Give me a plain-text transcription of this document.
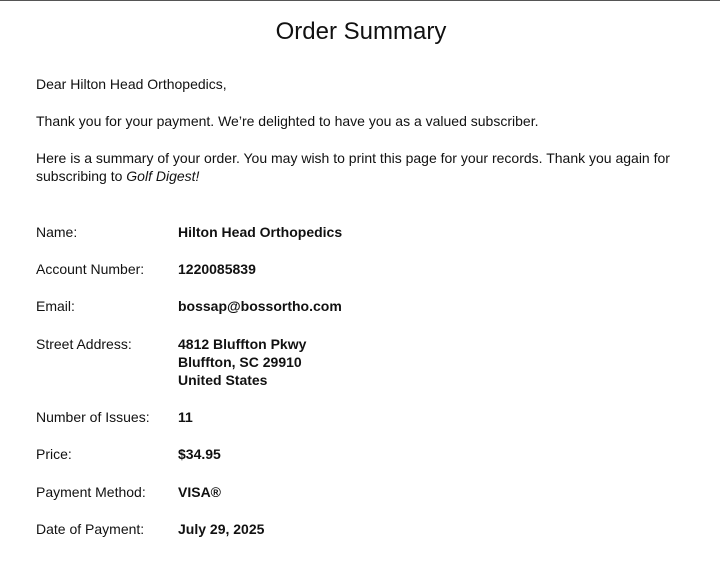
Order Summary

Dear Hilton Head Orthopedics,

Thank you for your payment. We’re delighted to have you as a valued subscriber.

Here is a summary of your order. You may wish to print this page for your records. Thank you again for subscribing to Golf Digest!

Name:	Hilton Head Orthopedics
Account Number:	1220085839
Email:	bossap@bossortho.com
Street Address:	4812 Bluffton Pkwy
Bluffton, SC 29910
United States
Number of Issues:	11
Price:	$34.95
Payment Method:	VISA®
Date of Payment:	July 29, 2025
